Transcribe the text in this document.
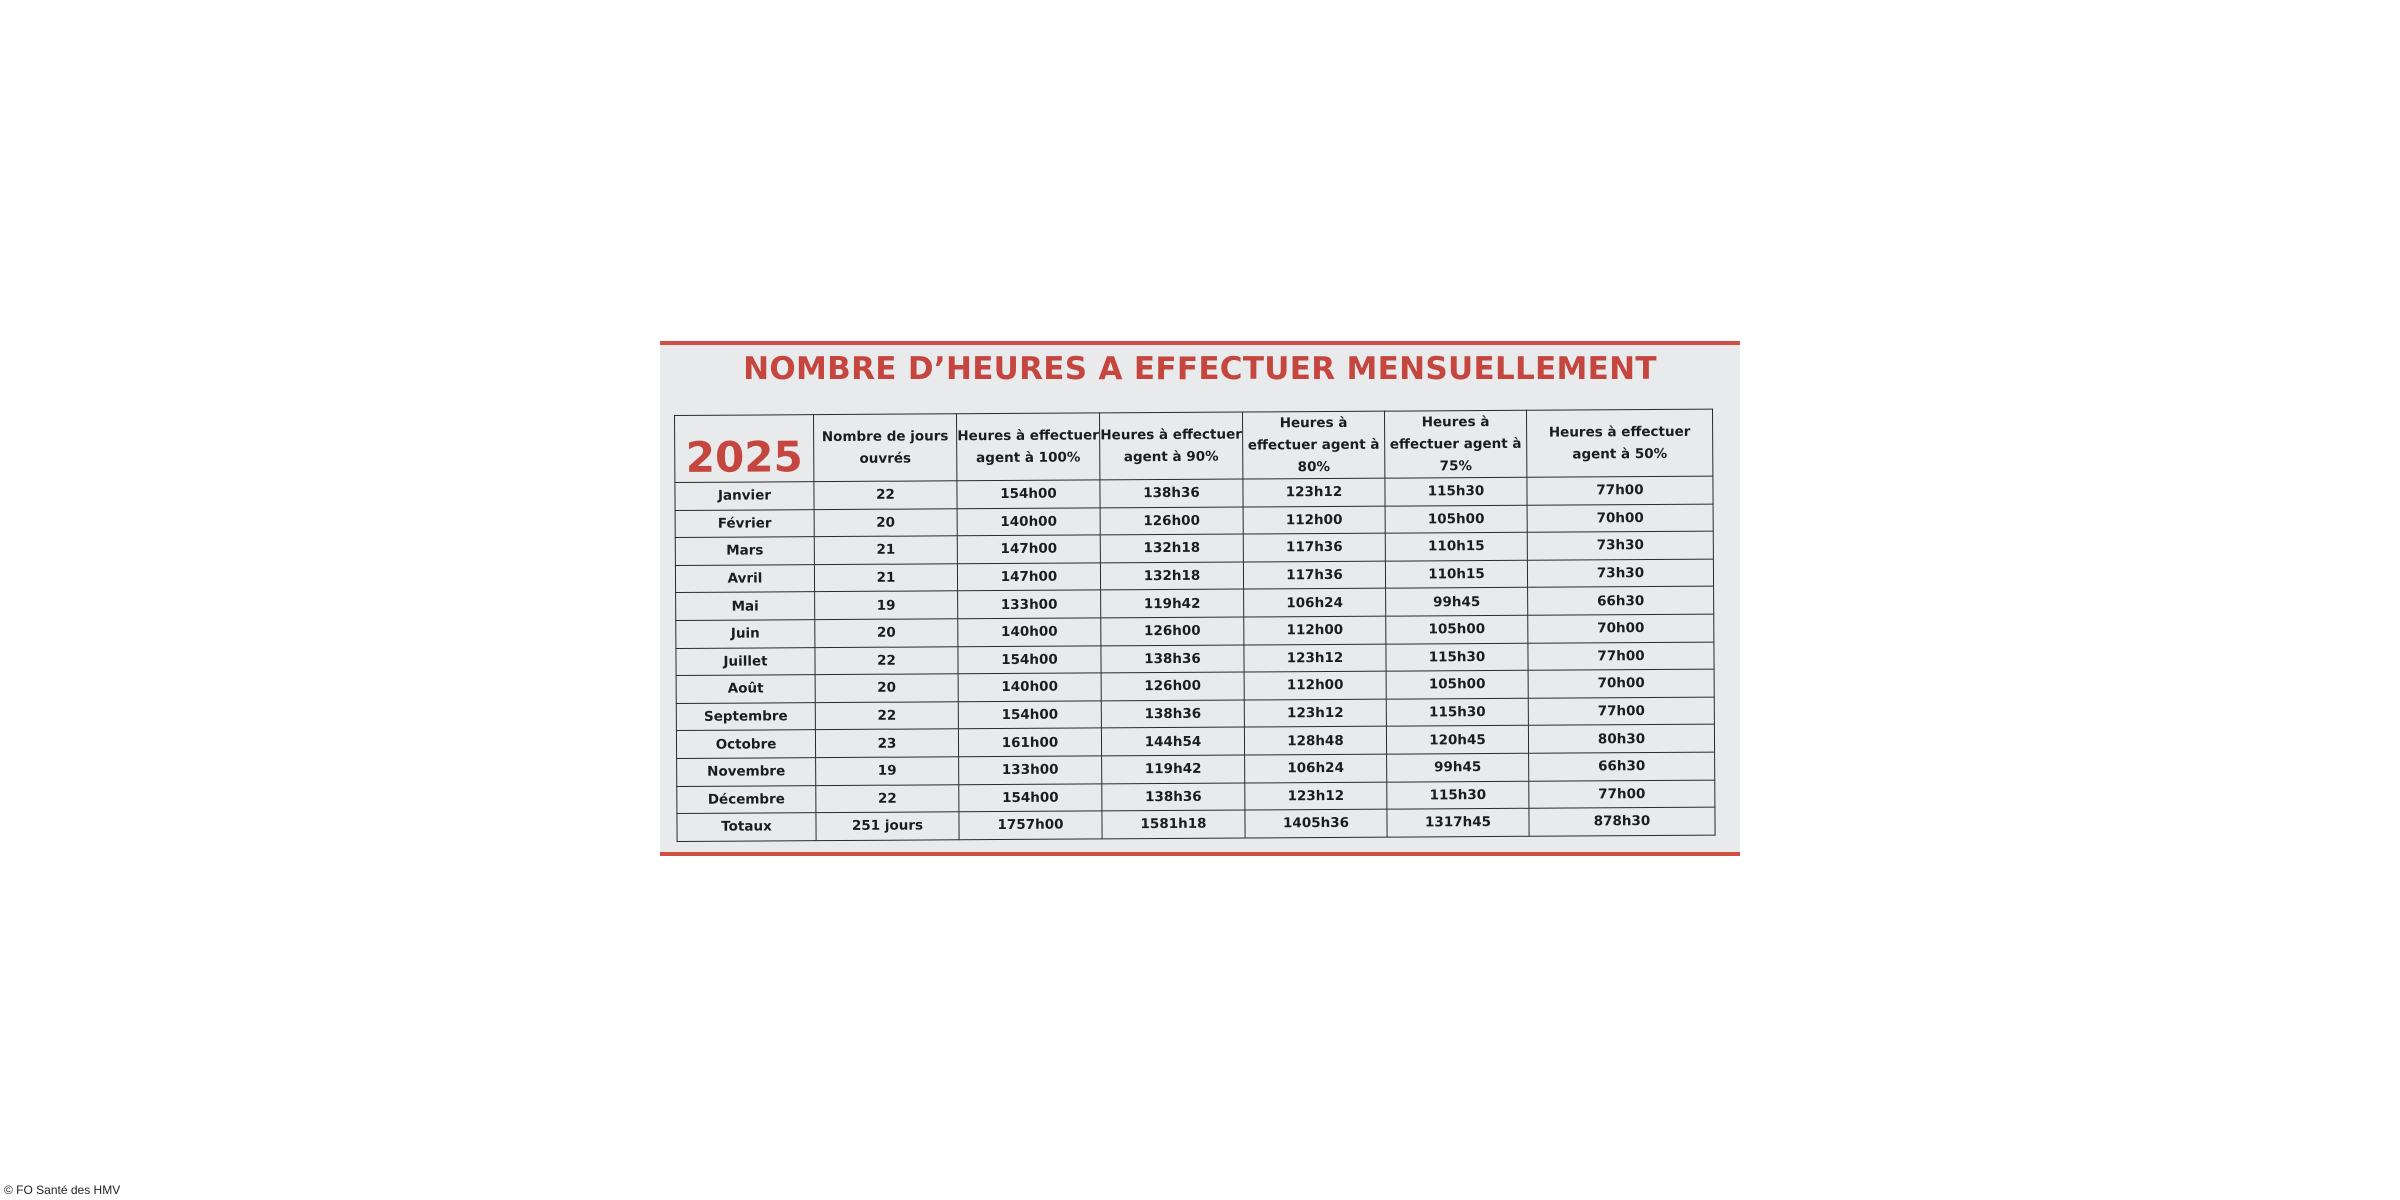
NOMBRE D’HEURES A EFFECTUER MENSUELLEMENT
2025	Nombre de jours ouvrés	Heures à effectuer agent à 100%	Heures à effectuer agent à 90%	Heures à effectuer agent à 80%	Heures à effectuer agent à 75%	Heures à effectuer agent à 50%
Janvier	22	154h00	138h36	123h12	115h30	77h00
Février	20	140h00	126h00	112h00	105h00	70h00
Mars	21	147h00	132h18	117h36	110h15	73h30
Avril	21	147h00	132h18	117h36	110h15	73h30
Mai	19	133h00	119h42	106h24	99h45	66h30
Juin	20	140h00	126h00	112h00	105h00	70h00
Juillet	22	154h00	138h36	123h12	115h30	77h00
Août	20	140h00	126h00	112h00	105h00	70h00
Septembre	22	154h00	138h36	123h12	115h30	77h00
Octobre	23	161h00	144h54	128h48	120h45	80h30
Novembre	19	133h00	119h42	106h24	99h45	66h30
Décembre	22	154h00	138h36	123h12	115h30	77h00
Totaux	251 jours	1757h00	1581h18	1405h36	1317h45	878h30
© FO Santé des HMV
